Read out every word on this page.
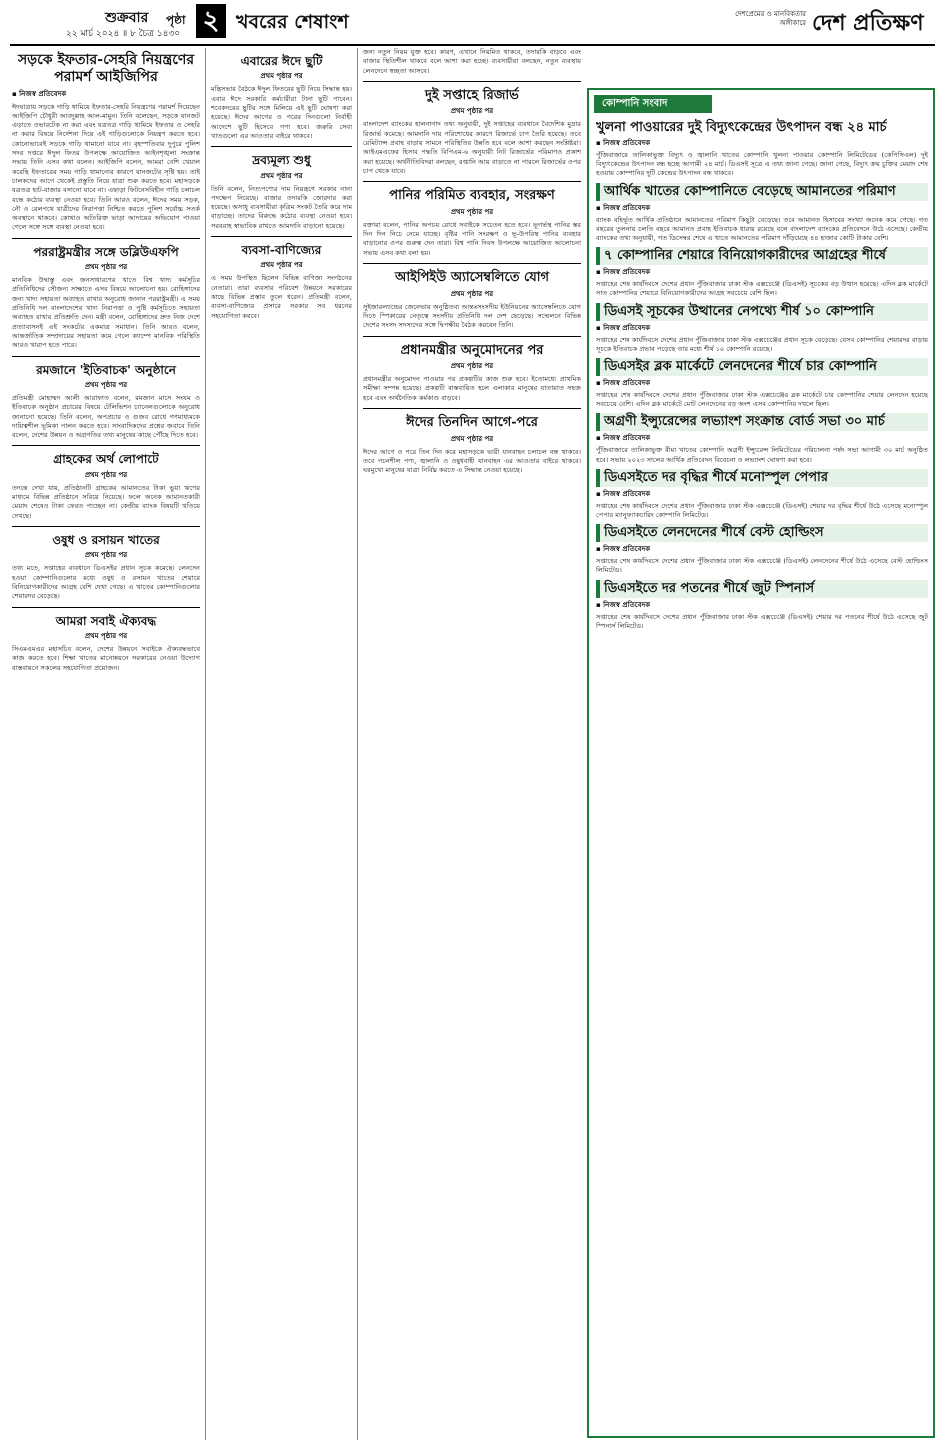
শুক্রবার
২২ মার্চ ২০২৪ ॥ ৮ চৈত্র ১৪৩০
পৃষ্ঠা ২ খবরের শেষাংশ	দেশপ্রেমের ও মানবিকতার অঙ্গীকারে দেশ প্রতিক্ষণ
সড়কে ইফতার-সেহরি নিয়ন্ত্রণের পরামর্শ আইজিপির
▪ নিজস্ব প্রতিবেদক

ঈদযাত্রায় সড়কে গাড়ি থামিয়ে ইফতার-সেহরি নিয়ন্ত্রণের পরামর্শ দিয়েছেন আইজিপি চৌধুরী আবদুল্লাহ আল-মামুন। তিনি বলেছেন, সড়কে যানজট এড়াতে ওভারটেক না করা এবং যত্রতত্র গাড়ি থামিয়ে ইফতার ও সেহরি না করার বিষয়ে নির্দেশনা দিয়ে এই গাড়িগুলোকে নিয়ন্ত্রণ করতে হবে। কোনোভাবেই সড়কে গাড়ি থামানো যাবে না। বৃহস্পতিবার দুপুরে পুলিশ সদর দপ্তরে ঈদুল ফিতর উপলক্ষে আয়োজিত আইনশৃঙ্খলা সংক্রান্ত সভায় তিনি এসব কথা বলেন। আইজিপি বলেন, আমরা বেশি খেয়াল করেছি ইফতারের সময় গাড়ি থামানোর কারণে যানজটের সৃষ্টি হয়। তাই চালকদের আগে থেকেই প্রস্তুতি নিয়ে যাত্রা শুরু করতে হবে। মহাসড়কে যত্রতত্র হাট-বাজার বসানো যাবে না। এছাড়া ফিটনেসবিহীন গাড়ি চলাচল বন্ধে কঠোর ব্যবস্থা নেওয়া হবে। তিনি আরও বলেন, ঈদের সময় সড়ক, নৌ ও রেলপথে যাত্রীদের নিরাপত্তা নিশ্চিত করতে পুলিশ সর্বোচ্চ সতর্ক অবস্থানে থাকবে। কোথাও অতিরিক্ত ভাড়া আদায়ের অভিযোগ পাওয়া গেলে সঙ্গে সঙ্গে ব্যবস্থা নেওয়া হবে।

পররাষ্ট্রমন্ত্রীর সঙ্গে ডব্লিউএফপি
প্রথম পৃষ্ঠার পর

মানবিক উদ্বাস্তু এবং জনসাধারণের খাতে বিশ্ব খাদ্য কর্মসূচির প্রতিনিধিদের সৌজন্য সাক্ষাতে এসব বিষয়ে আলোচনা হয়। রোহিঙ্গাদের জন্য খাদ্য সহায়তা অব্যাহত রাখার অনুরোধ জানান পররাষ্ট্রমন্ত্রী। এ সময় প্রতিনিধি দল বাংলাদেশের খাদ্য নিরাপত্তা ও পুষ্টি কর্মসূচিতে সহায়তা অব্যাহত রাখার প্রতিশ্রুতি দেন। মন্ত্রী বলেন, রোহিঙ্গাদের দ্রুত নিজ দেশে প্রত্যাবাসনই এই সংকটের একমাত্র সমাধান। তিনি আরও বলেন, আন্তর্জাতিক সম্প্রদায়ের সহায়তা কমে গেলে ক্যাম্পে মানবিক পরিস্থিতি আরও খারাপ হতে পারে।

রমজানে 'ইতিবাচক' অনুষ্ঠানে
প্রথম পৃষ্ঠার পর

প্রতিমন্ত্রী মোহাম্মদ আলী আরাফাত বলেন, রমজান মাসে সংযম ও ইতিবাচক অনুষ্ঠান প্রচারের বিষয়ে টেলিভিশন চ্যানেলগুলোকে অনুরোধ জানানো হয়েছে। তিনি বলেন, অপপ্রচার ও গুজব রোধে গণমাধ্যমকে দায়িত্বশীল ভূমিকা পালন করতে হবে। সাংবাদিকদের প্রশ্নের জবাবে তিনি বলেন, দেশের উন্নয়ন ও অগ্রগতির তথ্য মানুষের কাছে পৌঁছে দিতে হবে।

গ্রাহকের অর্থ লোপাটে
প্রথম পৃষ্ঠার পর

তদন্তে দেখা যায়, প্রতিষ্ঠানটি গ্রাহকের আমানতের টাকা ভুয়া ঋণের মাধ্যমে বিভিন্ন প্রতিষ্ঠানে সরিয়ে নিয়েছে। ফলে অনেক আমানতকারী মেয়াদ শেষেও টাকা ফেরত পাচ্ছেন না। কেন্দ্রীয় ব্যাংক বিষয়টি খতিয়ে দেখছে।

ওষুধ ও রসায়ন খাতের
প্রথম পৃষ্ঠার পর

তথ্য মতে, সপ্তাহের ব্যবধানে ডিএসইর প্রধান সূচক কমেছে। লেনদেন হওয়া কোম্পানিগুলোর মধ্যে ওষুধ ও রসায়ন খাতের শেয়ারে বিনিয়োগকারীদের আগ্রহ বেশি দেখা গেছে। এ খাতের কোম্পানিগুলোর শেয়ারদর বেড়েছে।

আমরা সবাই ঐক্যবদ্ধ
প্রথম পৃষ্ঠার পর

সিএমএমএর মহাসচিব বলেন, দেশের উন্নয়নে সবাইকে ঐক্যবদ্ধভাবে কাজ করতে হবে। শিক্ষা খাতের মানোন্নয়নে সরকারের নেওয়া উদ্যোগ বাস্তবায়নে সকলের সহযোগিতা প্রয়োজন।

এবারের ঈদে ছুটি
প্রথম পৃষ্ঠার পর

মন্ত্রিসভার বৈঠকে ঈদুল ফিতরের ছুটি নিয়ে সিদ্ধান্ত হয়। এবার ঈদে সরকারি কর্মচারীরা টানা ছুটি পাবেন। শবেকদরের ছুটির সঙ্গে মিলিয়ে এই ছুটি ঘোষণা করা হয়েছে। ঈদের আগের ও পরের দিনগুলো নির্বাহী আদেশে ছুটি হিসেবে গণ্য হবে। জরুরি সেবা খাতগুলো এর আওতার বাইরে থাকবে।

দ্রব্যমূল্য শুধু
প্রথম পৃষ্ঠার পর

তিনি বলেন, নিত্যপণ্যের দাম নিয়ন্ত্রণে সরকার নানা পদক্ষেপ নিয়েছে। বাজার তদারকি জোরদার করা হয়েছে। অসাধু ব্যবসায়ীরা কৃত্রিম সংকট তৈরি করে দাম বাড়াচ্ছে। তাদের বিরুদ্ধে কঠোর ব্যবস্থা নেওয়া হবে। সরবরাহ স্বাভাবিক রাখতে আমদানি বাড়ানো হয়েছে।

ব্যবসা-বাণিজ্যের
প্রথম পৃষ্ঠার পর

এ সময় উপস্থিত ছিলেন বিভিন্ন বাণিজ্য সংগঠনের নেতারা। তারা ব্যবসার পরিবেশ উন্নয়নে সরকারের কাছে বিভিন্ন প্রস্তাব তুলে ধরেন। প্রতিমন্ত্রী বলেন, ব্যবসা-বাণিজ্যের প্রসারে সরকার সব ধরনের সহযোগিতা করবে।

জন্য নতুন নিয়ম যুক্ত হবে। কারণ, এখানে নিয়মিত থাকবে, তদারকি বাড়বে এবং বাজার স্থিতিশীল থাকবে বলে আশা করা হচ্ছে। ব্যবসায়ীরা বলছেন, নতুন ব্যবস্থায় লেনদেনে স্বচ্ছতা আসবে।

দুই সপ্তাহে রিজার্ভ
প্রথম পৃষ্ঠার পর

বাংলাদেশ ব্যাংকের হালনাগাদ তথ্য অনুযায়ী, দুই সপ্তাহের ব্যবধানে বৈদেশিক মুদ্রার রিজার্ভ কমেছে। আমদানি দায় পরিশোধের কারণে রিজার্ভে চাপ তৈরি হয়েছে। তবে রেমিট্যান্স প্রবাহ বাড়ায় সামনে পরিস্থিতির উন্নতি হবে বলে আশা করছেন সংশ্লিষ্টরা। আইএমএফের হিসাব পদ্ধতি বিপিএম-৬ অনুযায়ী নিট রিজার্ভের পরিমাণও প্রকাশ করা হয়েছে। অর্থনীতিবিদরা বলছেন, রপ্তানি আয় বাড়াতে না পারলে রিজার্ভের ওপর চাপ থেকে যাবে।

পানির পরিমিত ব্যবহার, সংরক্ষণ
প্রথম পৃষ্ঠার পর

বক্তারা বলেন, পানির অপচয় রোধে সবাইকে সচেতন হতে হবে। ভূগর্ভস্থ পানির স্তর দিন দিন নিচে নেমে যাচ্ছে। বৃষ্টির পানি সংরক্ষণ ও ভূ-উপরিস্থ পানির ব্যবহার বাড়ানোর ওপর গুরুত্ব দেন তারা। বিশ্ব পানি দিবস উপলক্ষে আয়োজিত আলোচনা সভায় এসব কথা বলা হয়।

আইপিইউ অ্যাসেম্বলিতে যোগ
প্রথম পৃষ্ঠার পর

সুইজারল্যান্ডের জেনেভায় অনুষ্ঠিতব্য আন্তঃসংসদীয় ইউনিয়নের অ্যাসেম্বলিতে যোগ দিতে স্পিকারের নেতৃত্বে সংসদীয় প্রতিনিধি দল দেশ ছেড়েছে। সম্মেলনে বিভিন্ন দেশের সংসদ সদস্যদের সঙ্গে দ্বিপক্ষীয় বৈঠক করবেন তিনি।

প্রধানমন্ত্রীর অনুমোদনের পর
প্রথম পৃষ্ঠার পর

প্রধানমন্ত্রীর অনুমোদন পাওয়ার পর প্রকল্পটির কাজ শুরু হবে। ইতোমধ্যে প্রাথমিক সমীক্ষা সম্পন্ন হয়েছে। প্রকল্পটি বাস্তবায়িত হলে এলাকার মানুষের যাতায়াত সহজ হবে এবং অর্থনৈতিক কর্মকাণ্ড বাড়বে।

ঈদের তিনদিন আগে-পরে
প্রথম পৃষ্ঠার পর

ঈদের আগে ও পরে তিন দিন করে মহাসড়কে ভারী যানবাহন চলাচল বন্ধ থাকবে। তবে পচনশীল পণ্য, জ্বালানি ও ওষুধবাহী যানবাহন এর আওতার বাইরে থাকবে। ঘরমুখো মানুষের যাত্রা নির্বিঘ্ন করতে এ সিদ্ধান্ত নেওয়া হয়েছে।

কোম্পানি সংবাদ
খুলনা পাওয়ারের দুই বিদ্যুৎকেন্দ্রের উৎপাদন বন্ধ ২৪ মার্চ
▪ নিজস্ব প্রতিবেদক

পুঁজিবাজারে তালিকাভুক্ত বিদ্যুৎ ও জ্বালানি খাতের কোম্পানি খুলনা পাওয়ার কোম্পানি লিমিটেডের (কেপিসিএল) দুই বিদ্যুৎকেন্দ্রের উৎপাদন বন্ধ হচ্ছে আগামী ২৪ মার্চ। ডিএসই সূত্রে এ তথ্য জানা গেছে। জানা গেছে, বিদ্যুৎ ক্রয় চুক্তির মেয়াদ শেষ হওয়ায় কোম্পানির দুটি কেন্দ্রের উৎপাদন বন্ধ থাকবে।

আর্থিক খাতের কোম্পানিতে বেড়েছে আমানতের পরিমাণ
▪ নিজস্ব প্রতিবেদক

ব্যাংক বহির্ভূত আর্থিক প্রতিষ্ঠানে আমানতের পরিমাণ কিছুটা বেড়েছে। তবে আমানত হিসাবের সংখ্যা অনেক কমে গেছে। গত বছরের তুলনায় চলতি বছরে আমানত প্রবাহ ইতিবাচক ধারায় রয়েছে বলে বাংলাদেশ ব্যাংকের প্রতিবেদনে উঠে এসেছে। কেন্দ্রীয় ব্যাংকের তথ্য অনুযায়ী, গত ডিসেম্বর শেষে এ খাতে আমানতের পরিমাণ দাঁড়িয়েছে ৪৪ হাজার কোটি টাকার বেশি।

৭ কোম্পানির শেয়ারে বিনিয়োগকারীদের আগ্রহের শীর্ষে
▪ নিজস্ব প্রতিবেদক

সপ্তাহের শেষ কার্যদিবসে দেশের প্রধান পুঁজিবাজার ঢাকা স্টক এক্সচেঞ্জে (ডিএসই) সূচকের বড় উত্থান হয়েছে। এদিন ব্লক মার্কেটে সাত কোম্পানির শেয়ারে বিনিয়োগকারীদের আগ্রহ সবচেয়ে বেশি ছিল।

ডিএসই সূচকের উত্থানের নেপথ্যে শীর্ষ ১০ কোম্পানি
▪ নিজস্ব প্রতিবেদক

সপ্তাহের শেষ কার্যদিবসে দেশের প্রধান পুঁজিবাজার ঢাকা স্টক এক্সচেঞ্জের প্রধান সূচক বেড়েছে। যেসব কোম্পানির শেয়ারদর বাড়ায় সূচকে ইতিবাচক প্রভাব পড়েছে তার মধ্যে শীর্ষ ১০ কোম্পানি রয়েছে।

ডিএসইর ব্লক মার্কেটে লেনদেনের শীর্ষে চার কোম্পানি
▪ নিজস্ব প্রতিবেদক

সপ্তাহের শেষ কার্যদিবসে দেশের প্রধান পুঁজিবাজার ঢাকা স্টক এক্সচেঞ্জের ব্লক মার্কেটে চার কোম্পানির শেয়ার লেনদেন হয়েছে সবচেয়ে বেশি। এদিন ব্লক মার্কেটে মোট লেনদেনের বড় অংশ এসব কোম্পানির দখলে ছিল।

অগ্রণী ইন্স্যুরেন্সের লভ্যাংশ সংক্রান্ত বোর্ড সভা ৩০ মার্চ
▪ নিজস্ব প্রতিবেদক

পুঁজিবাজারে তালিকাভুক্ত বীমা খাতের কোম্পানি অগ্রণী ইন্স্যুরেন্স লিমিটেডের পরিচালনা পর্ষদ সভা আগামী ৩০ মার্চ অনুষ্ঠিত হবে। সভায় ২০২৩ সালের আর্থিক প্রতিবেদন বিবেচনা ও লভ্যাংশ ঘোষণা করা হবে।

ডিএসইতে দর বৃদ্ধির শীর্ষে মনোস্পুল পেপার
▪ নিজস্ব প্রতিবেদক

সপ্তাহের শেষ কার্যদিবসে দেশের প্রধান পুঁজিবাজার ঢাকা স্টক এক্সচেঞ্জে (ডিএসই) শেয়ার দর বৃদ্ধির শীর্ষে উঠে এসেছে মনোস্পুল পেপার ম্যানুফ্যাকচারিং কোম্পানি লিমিটেড।

ডিএসইতে লেনদেনের শীর্ষে বেস্ট হোল্ডিংস
▪ নিজস্ব প্রতিবেদক

সপ্তাহের শেষ কার্যদিবসে দেশের প্রধান পুঁজিবাজার ঢাকা স্টক এক্সচেঞ্জে (ডিএসই) লেনদেনের শীর্ষে উঠে এসেছে বেস্ট হোল্ডিংস লিমিটেড।

ডিএসইতে দর পতনের শীর্ষে জুট স্পিনার্স
▪ নিজস্ব প্রতিবেদক

সপ্তাহের শেষ কার্যদিবসে দেশের প্রধান পুঁজিবাজার ঢাকা স্টক এক্সচেঞ্জে (ডিএসই) শেয়ার দর পতনের শীর্ষে উঠে এসেছে জুট স্পিনার্স লিমিটেড।
